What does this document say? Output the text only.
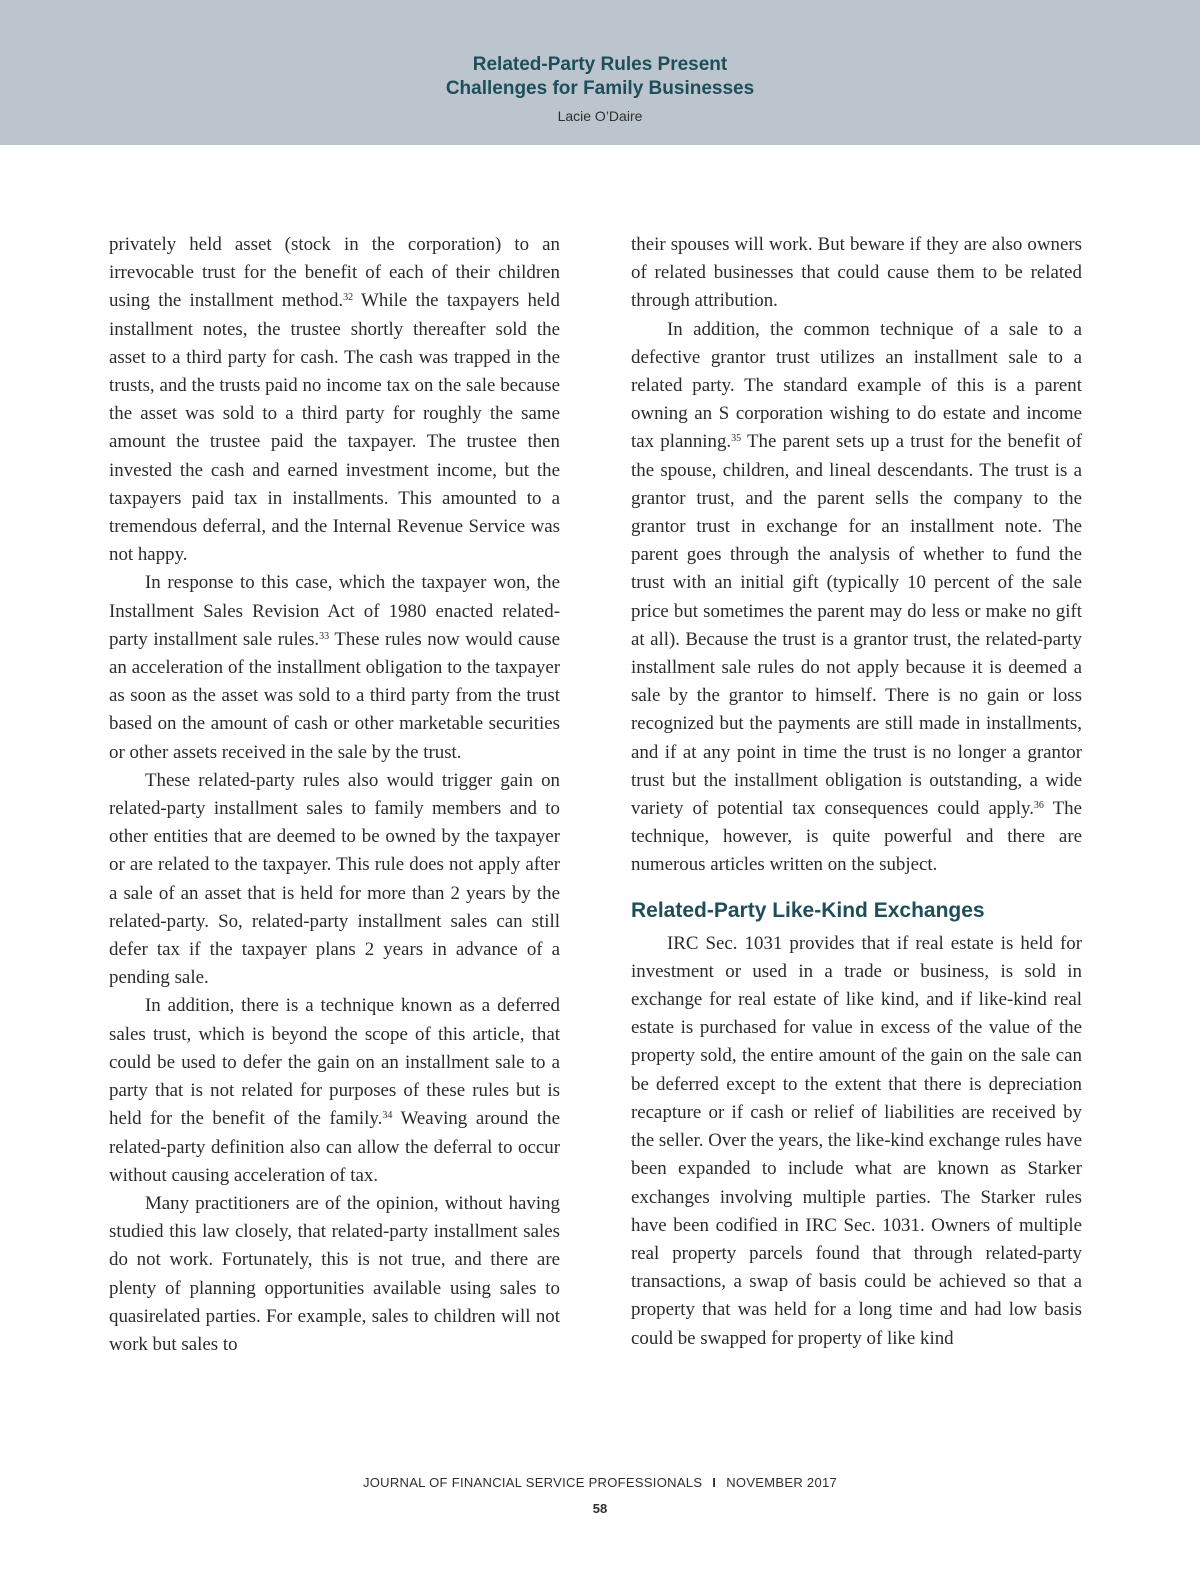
Related-Party Rules Present
Challenges for Family Businesses
Lacie O’Daire

privately held asset (stock in the corporation) to an irrevocable trust for the benefit of each of their children using the installment method.$^{32}$ While the taxpayers held installment notes, the trustee shortly thereafter sold the asset to a third party for cash. The cash was trapped in the trusts, and the trusts paid no income tax on the sale because the asset was sold to a third party for roughly the same amount the trustee paid the taxpayer. The trustee then invested the cash and earned investment income, but the taxpayers paid tax in installments. This amounted to a tremendous deferral, and the Internal Revenue Service was not happy.

In response to this case, which the taxpayer won, the Installment Sales Revision Act of 1980 enacted related-party installment sale rules.$^{33}$ These rules now would cause an acceleration of the installment obligation to the taxpayer as soon as the asset was sold to a third party from the trust based on the amount of cash or other marketable securities or other assets received in the sale by the trust.

These related-party rules also would trigger gain on related-party installment sales to family members and to other entities that are deemed to be owned by the taxpayer or are related to the taxpayer. This rule does not apply after a sale of an asset that is held for more than 2 years by the related-party. So, related-party installment sales can still defer tax if the taxpayer plans 2 years in advance of a pending sale.

In addition, there is a technique known as a deferred sales trust, which is beyond the scope of this article, that could be used to defer the gain on an installment sale to a party that is not related for purposes of these rules but is held for the benefit of the family.$^{34}$ Weaving around the related-party definition also can allow the deferral to occur without causing acceleration of tax.

Many practitioners are of the opinion, without having studied this law closely, that related-party installment sales do not work. Fortunately, this is not true, and there are plenty of planning opportunities available using sales to quasirelated parties. For example, sales to children will not work but sales to

their spouses will work. But beware if they are also owners of related businesses that could cause them to be related through attribution.

In addition, the common technique of a sale to a defective grantor trust utilizes an installment sale to a related party. The standard example of this is a parent owning an S corporation wishing to do estate and income tax planning.$^{35}$ The parent sets up a trust for the benefit of the spouse, children, and lineal descendants. The trust is a grantor trust, and the parent sells the company to the grantor trust in exchange for an installment note. The parent goes through the analysis of whether to fund the trust with an initial gift (typically 10 percent of the sale price but sometimes the parent may do less or make no gift at all). Because the trust is a grantor trust, the related-party installment sale rules do not apply because it is deemed a sale by the grantor to himself. There is no gain or loss recognized but the payments are still made in installments, and if at any point in time the trust is no longer a grantor trust but the installment obligation is outstanding, a wide variety of potential tax consequences could apply.$^{36}$ The technique, however, is quite powerful and there are numerous articles written on the subject.

Related-Party Like-Kind Exchanges

IRC Sec. 1031 provides that if real estate is held for investment or used in a trade or business, is sold in exchange for real estate of like kind, and if like-kind real estate is purchased for value in excess of the value of the property sold, the entire amount of the gain on the sale can be deferred except to the extent that there is depreciation recapture or if cash or relief of liabilities are received by the seller. Over the years, the like-kind exchange rules have been expanded to include what are known as Starker exchanges involving multiple parties. The Starker rules have been codified in IRC Sec. 1031. Owners of multiple real property parcels found that through related-party transactions, a swap of basis could be achieved so that a property that was held for a long time and had low basis could be swapped for property of like kind

JOURNAL OF FINANCIAL SERVICE PROFESSIONALS I NOVEMBER 2017
58
